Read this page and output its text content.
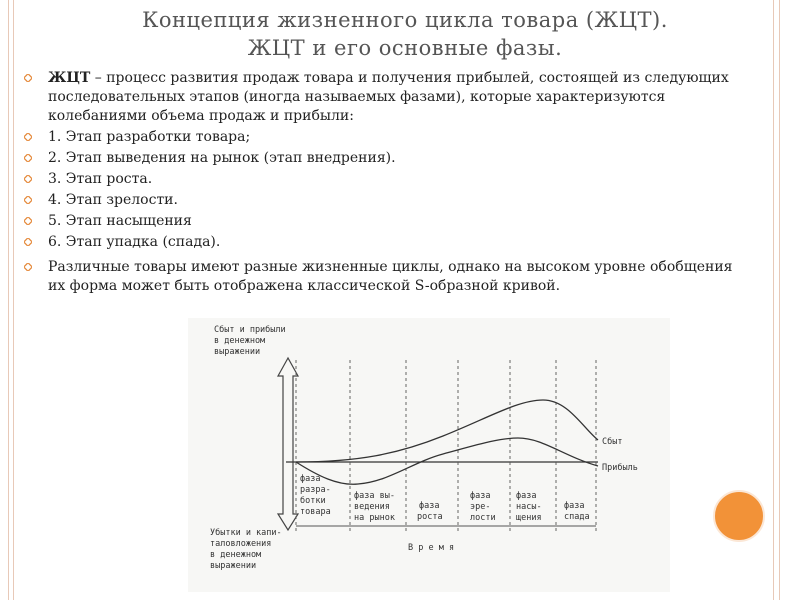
Концепция жизненного цикла товара (ЖЦТ).
ЖЦТ и его основные фазы.
ЖЦТ – процесс развития продаж товара и получения прибылей, состоящей из следующих последовательных этапов (иногда называемых фазами), которые характеризуются колебаниями объема продаж и прибыли:
1. Этап разработки товара;
2. Этап выведения на рынок (этап внедрения).
3. Этап роста.
4. Этап зрелости.
5. Этап насыщения
6. Этап упадка (спада).
Различные товары имеют разные жизненные циклы, однако на высоком уровне обобщения их форма может быть отображена классической S-образной кривой.
Сбыт и прибыли в денежном выражении
Убытки и капи-таловложения в денежном выражении
Сбыт
Прибыль
фаза разра-ботки товара
фаза вы-ведения на рынок
фаза роста
фаза эре-лости
фаза насы-щения
фаза спада
В р е м я
